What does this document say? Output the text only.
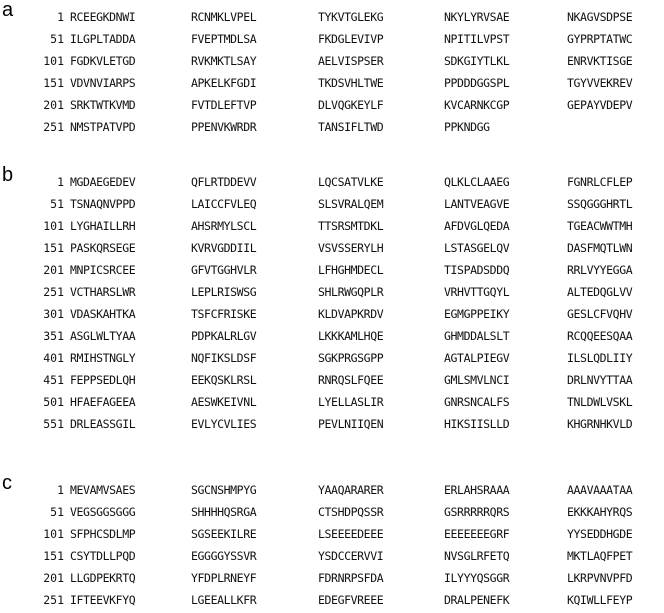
a	1 RCEEGKDNWI	RCNMKLVPEL	TYKVTGLEKG	NKYLYRVSAE	NKAGVSDPSE
51 ILGPLTADDA	FVEPTMDLSA	FKDGLEVIVP	NPITILVPST	GYPRPTATWC
101 FGDKVLETGD	RVKMKTLSAY	AELVISPSER	SDKGIYTLKL	ENRVKTISGE
151 VDVNVIARPS	APKELKFGDI	TKDSVHLTWE	PPDDDGGSPL	TGYVVEKREV
201 SRKTWTKVMD	FVTDLEFTVP	DLVQGKEYLF	KVCARNKCGP	GEPAYVDEPV
251 NMSTPATVPD	PPENVKWRDR	TANSIFLTWD	PPKNDGG
b	1 MGDAEGEDEV	QFLRTDDEVV	LQCSATVLKE	QLKLCLAAEG	FGNRLCFLEP
51 TSNAQNVPPD	LAICCFVLEQ	SLSVRALQEM	LANTVEAGVE	SSQGGGHRTL
101 LYGHAILLRH	AHSRMYLSCL	TTSRSMTDKL	AFDVGLQEDA	TGEACWWTMH
151 PASKQRSEGE	KVRVGDDIIL	VSVSSERYLH	LSTASGELQV	DASFMQTLWN
201 MNPICSRCEE	GFVTGGHVLR	LFHGHMDECL	TISPADSDDQ	RRLVYYEGGA
251 VCTHARSLWR	LEPLRISWSG	SHLRWGQPLR	VRHVTTGQYL	ALTEDQGLVV
301 VDASKAHTKA	TSFCFRISKE	KLDVAPKRDV	EGMGPPEIKY	GESLCFVQHV
351 ASGLWLTYAA	PDPKALRLGV	LKKKAMLHQE	GHMDDALSLT	RCQQEESQAA
401 RMIHSTNGLY	NQFIKSLDSF	SGKPRGSGPP	AGTALPIEGV	ILSLQDLIIY
451 FEPPSEDLQH	EEKQSKLRSL	RNRQSLFQEE	GMLSMVLNCI	DRLNVYTTAA
501 HFAEFAGEEA	AESWKEIVNL	LYELLASLIR	GNRSNCALFS	TNLDWLVSKL
551 DRLEASSGIL	EVLYCVLIES	PEVLNIIQEN	HIKSIISLLD	KHGRNHKVLD
c	1 MEVAMVSAES	SGCNSHMPYG	YAAQARARER	ERLAHSRAAA	AAAVAAATAA
51 VEGSGGSGGG	SHHHHQSRGA	CTSHDPQSSR	GSRRRRRQRS	EKKKAHYRQS
101 SFPHCSDLMP	SGSEEKILRE	LSEEEEDEEE	EEEEEEEGRF	YYSEDDHGDE
151 CSYTDLLPQD	EGGGGYSSVR	YSDCCERVVI	NVSGLRFETQ	MKTLAQFPET
201 LLGDPEKRTQ	YFDPLRNEYF	FDRNRPSFDA	ILYYYQSGGR	LKRPVNVPFD
251 IFTEEVKFYQ	LGEEALLKFR	EDEGFVREEE	DRALPENEFK	KQIWLLFEYP
